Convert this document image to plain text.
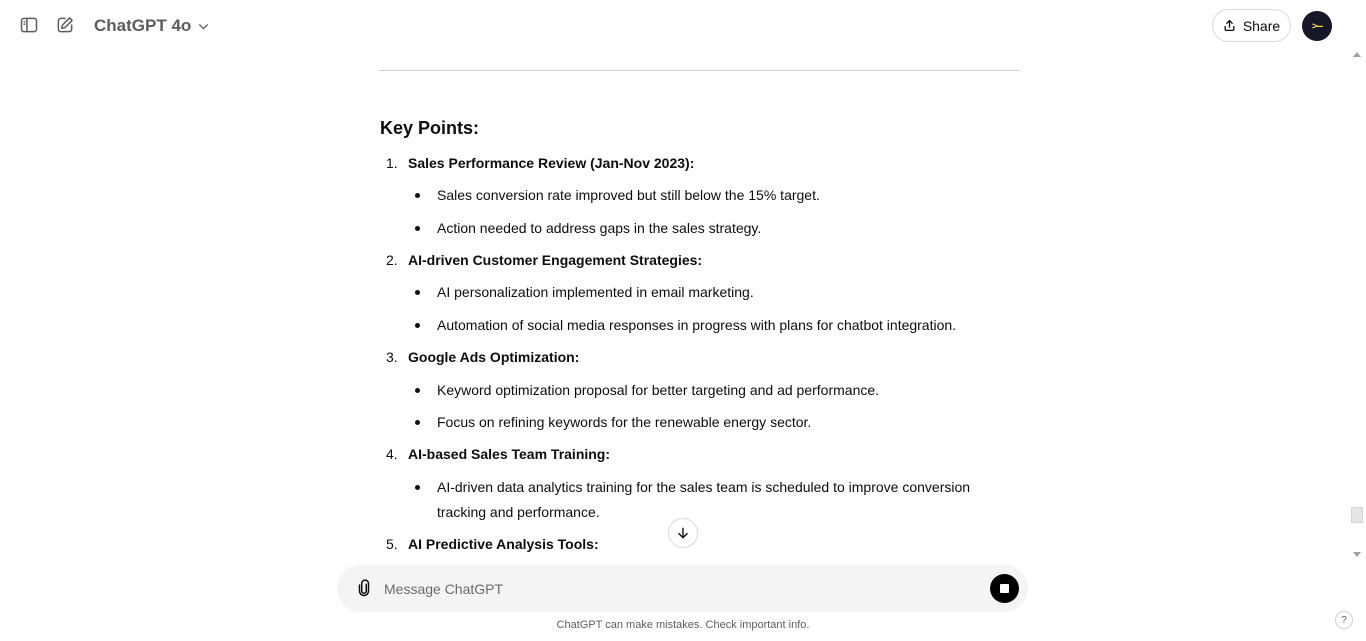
ChatGPT 4o	Share	>—
Key Points:
1. Sales Performance Review (Jan-Nov 2023):
Sales conversion rate improved but still below the 15% target.
Action needed to address gaps in the sales strategy.
2. AI-driven Customer Engagement Strategies:
AI personalization implemented in email marketing.
Automation of social media responses in progress with plans for chatbot integration.
3. Google Ads Optimization:
Keyword optimization proposal for better targeting and ad performance.
Focus on refining keywords for the renewable energy sector.
4. AI-based Sales Team Training:
AI-driven data analytics training for the sales team is scheduled to improve conversion tracking and performance.
5. AI Predictive Analysis Tools:
Message ChatGPT
ChatGPT can make mistakes. Check important info.	?
